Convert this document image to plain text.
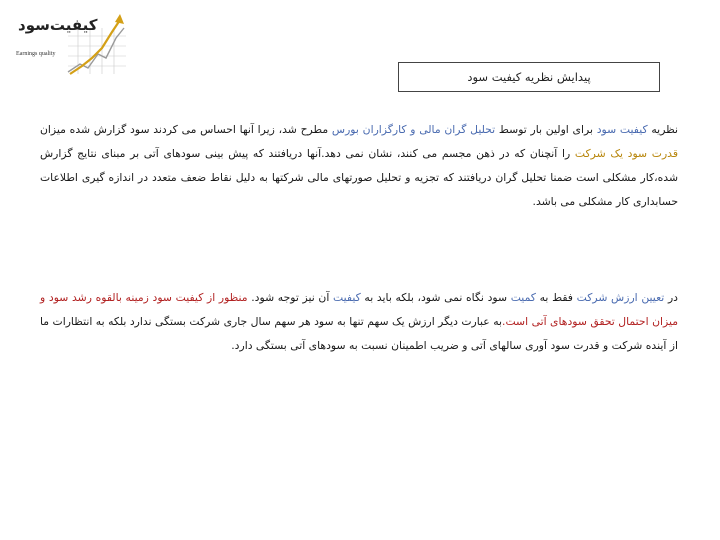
کیفیت‌سود
Earnings quality
پیدایش نظریه کیفیت سود
نظریه کیفیت سود برای اولین بار توسط تحلیل گران مالی و کارگزاران بورس مطرح شد، زیرا آنها احساس می کردند سود گزارش شده میزان قدرت سود یک شرکت را آنچنان که در ذهن مجسم می کنند، نشان نمی دهد.آنها دریافتند که پیش بینی سودهای آتی بر مبنای نتایج گزارش شده،کار مشکلی است ضمنا تحلیل گران دریافتند که تجزیه و تحلیل صورتهای مالی شرکتها به دلیل نقاط ضعف متعدد در اندازه گیری اطلاعات حسابداری کار مشکلی می باشد.
در تعیین ارزش شرکت فقط به کمیت سود نگاه نمی شود، بلکه باید به کیفیت آن نیز توجه شود. منظور از کیفیت سود زمینه بالقوه رشد سود و میزان احتمال تحقق سودهای آتی است.به عبارت دیگر ارزش یک سهم تنها به سود هر سهم سال جاری شرکت بستگی ندارد بلکه به انتظارات ما از آینده شرکت و قدرت سود آوری سالهای آتی و ضریب اطمینان نسبت به سودهای آتی بستگی دارد.
